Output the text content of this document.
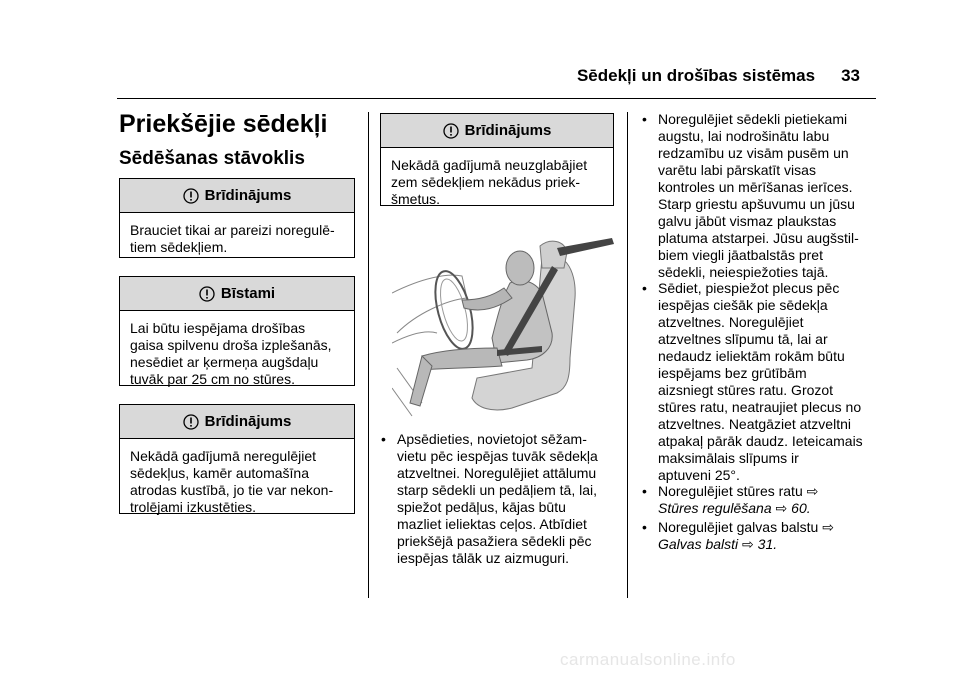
Sēdekļi un drošības sistēmas 33
Priekšējie sēdekļi
Sēdēšanas stāvoklis
Brīdinājums
Brauciet tikai ar pareizi noregulē-
tiem sēdekļiem.
Bīstami
Lai būtu iespējama drošības
gaisa spilvenu droša izplešanās,
nesēdiet ar ķermeņa augšdaļu
tuvāk par 25 cm no stūres.
Brīdinājums
Nekādā gadījumā neregulējiet
sēdekļus, kamēr automašīna
atrodas kustībā, jo tie var nekon-
trolējami izkustēties.
Brīdinājums
Nekādā gadījumā neuzglabājiet
zem sēdekļiem nekādus priek-
šmetus.
• Apsēdieties, novietojot sēžam-
vietu pēc iespējas tuvāk sēdekļa
atzveltnei. Noregulējiet attālumu
starp sēdekli un pedāļiem tā, lai,
spiežot pedāļus, kājas būtu
mazliet ieliektas ceļos. Atbīdiet
priekšējā pasažiera sēdekli pēc
iespējas tālāk uz aizmuguri.
• Noregulējiet sēdekli pietiekami
augstu, lai nodrošinātu labu
redzamību uz visām pusēm un
varētu labi pārskatīt visas
kontroles un mērīšanas ierīces.
Starp griestu apšuvumu un jūsu
galvu jābūt vismaz plaukstas
platuma atstarpei. Jūsu augšstil-
biem viegli jāatbalstās pret
sēdekli, neiespiežoties tajā.
• Sēdiet, piespiežot plecus pēc
iespējas ciešāk pie sēdekļa
atzveltnes. Noregulējiet
atzveltnes slīpumu tā, lai ar
nedaudz ieliektām rokām būtu
iespējams bez grūtībām
aizsniegt stūres ratu. Grozot
stūres ratu, neatraujiet plecus no
atzveltnes. Neatgāziet atzveltni
atpakaļ pārāk daudz. Ieteicamais
maksimālais slīpums ir
aptuveni 25°.
• Noregulējiet stūres ratu ⇨
Stūres regulēšana ⇨ 60.
• Noregulējiet galvas balstu ⇨
Galvas balsti ⇨ 31.
carmanualsonline.info
